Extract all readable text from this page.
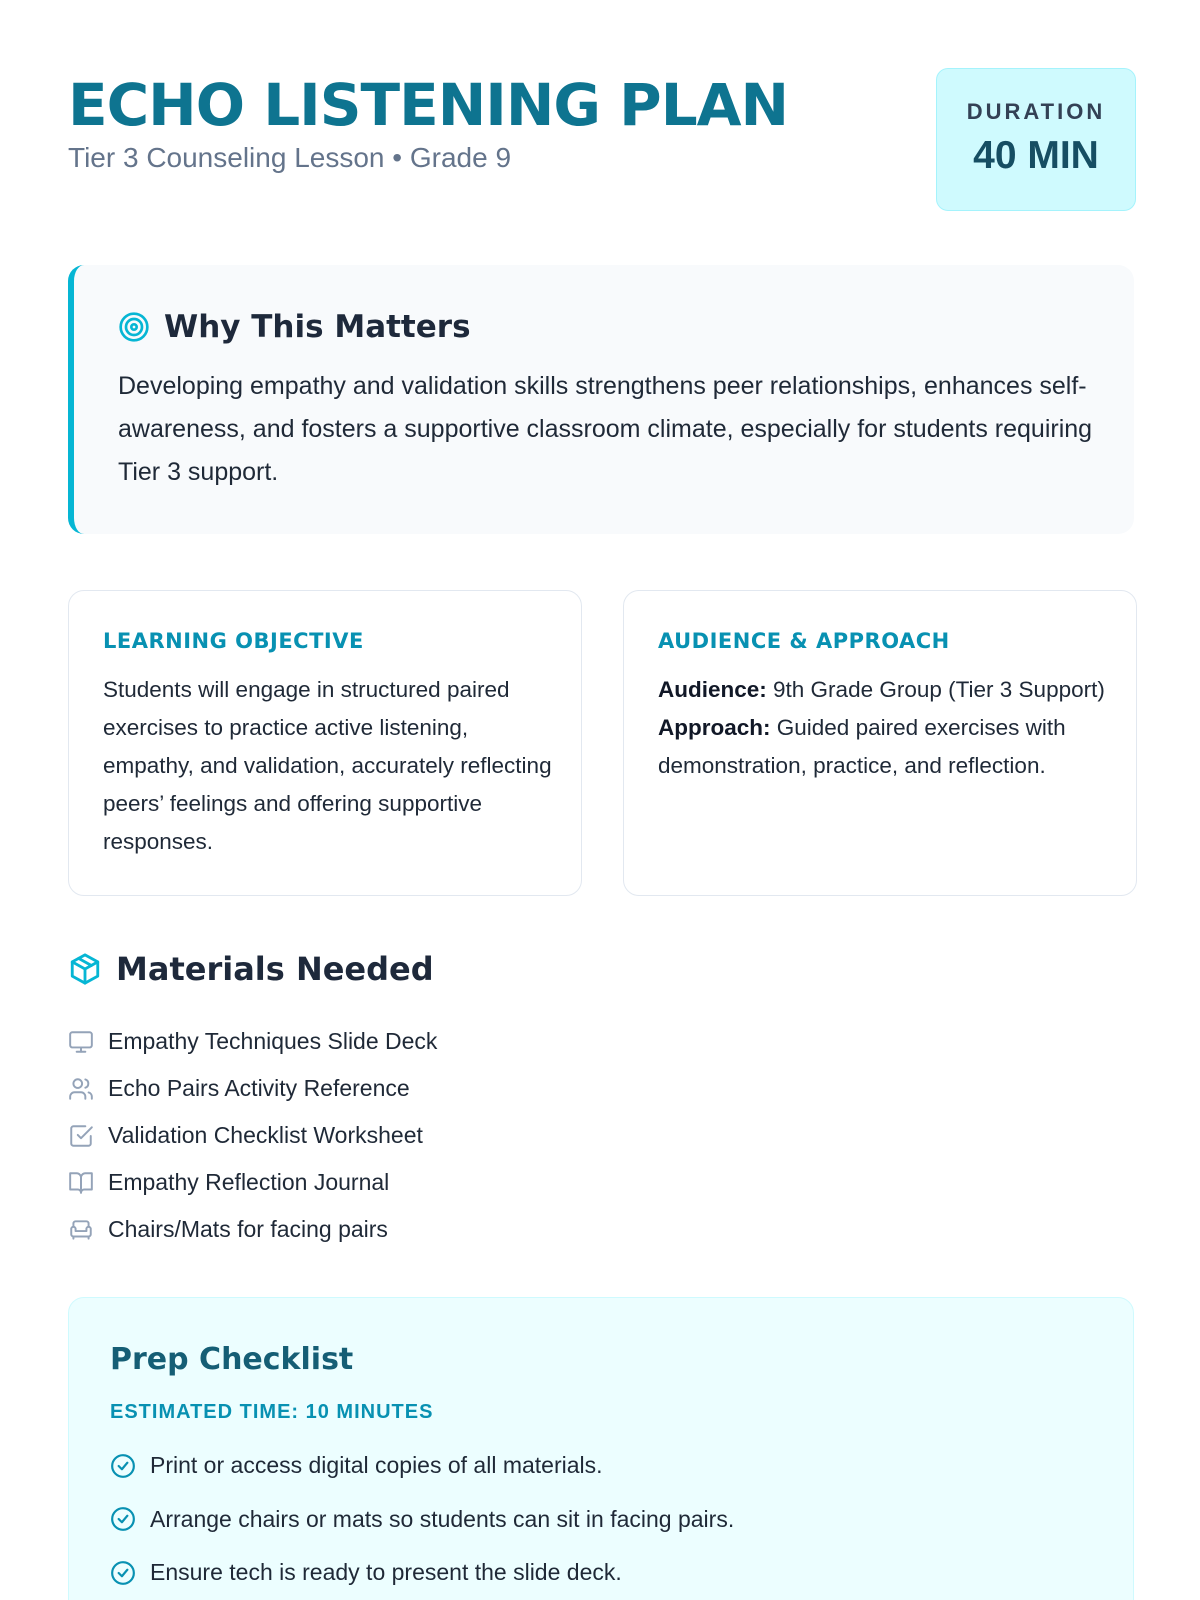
ECHO LISTENING PLAN
Tier 3 Counseling Lesson • Grade 9
DURATION
40 MIN
Why This Matters

Developing empathy and validation skills strengthens peer relationships, enhances self-awareness, and fosters a supportive classroom climate, especially for students requiring Tier 3 support.

LEARNING OBJECTIVE

Students will engage in structured paired exercises to practice active listening, empathy, and validation, accurately reflecting peers’ feelings and offering supportive responses.

AUDIENCE & APPROACH
Audience: 9th Grade Group (Tier 3 Support)
Approach: Guided paired exercises with demonstration, practice, and reflection.
Materials Needed
Empathy Techniques Slide Deck
Echo Pairs Activity Reference
Validation Checklist Worksheet
Empathy Reflection Journal
Chairs/Mats for facing pairs
Prep Checklist
ESTIMATED TIME: 10 MINUTES
Print or access digital copies of all materials.
Arrange chairs or mats so students can sit in facing pairs.
Ensure tech is ready to present the slide deck.
